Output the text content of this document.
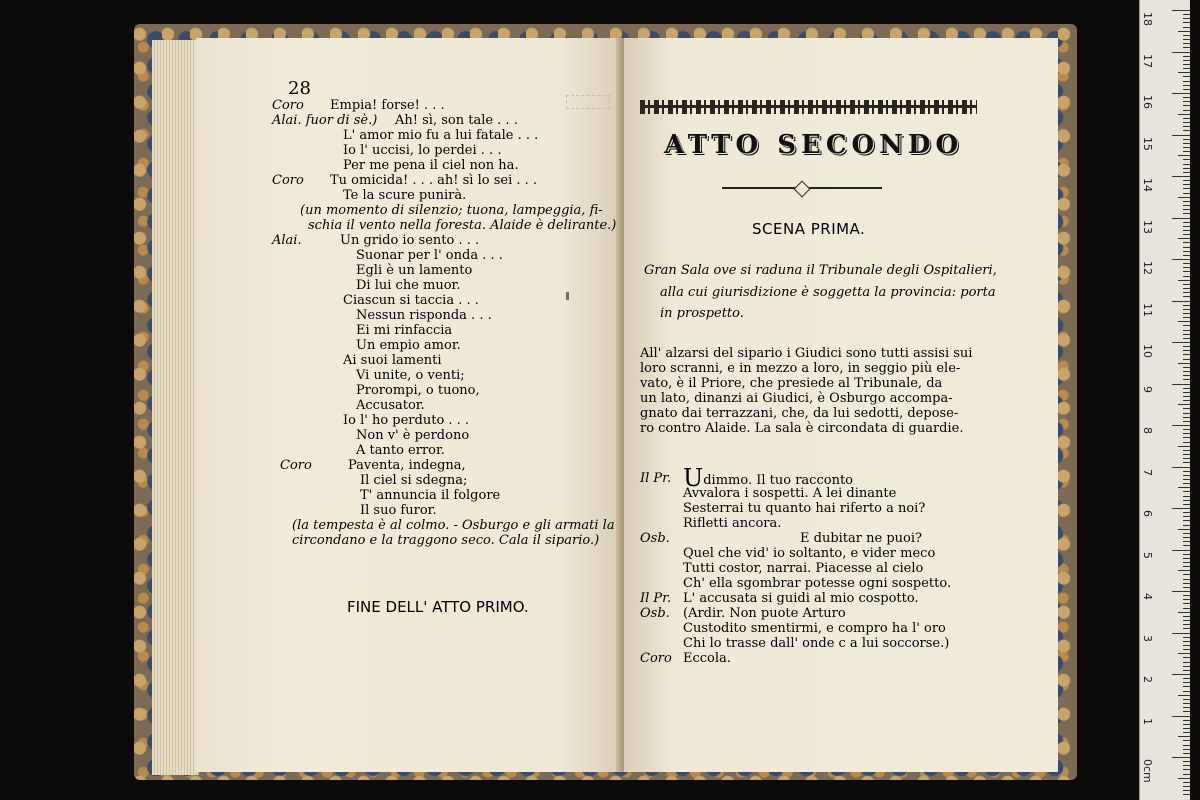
28
Coro Empia! forse! . . .
Alai. fuor di sè.) Ah! sì, son tale . . .
L' amor mio fu a lui fatale . . .
Io l' uccisi, lo perdei . . .
Per me pena il ciel non ha.
Coro Tu omicida! . . . ah! sì lo sei . . .
Te la scure punirà.
(un momento di silenzio; tuona, lampeggia, fi-
schia il vento nella foresta. Alaide è delirante.)
Alai.	Un grido io sento . . .
Suonar per l' onda . . .
Egli è un lamento
Di lui che muor.
Ciascun si taccia . . .
Nessun risponda . . .
Ei mi rinfaccia
Un empio amor.
Ai suoi lamenti
Vi unite, o venti;
Prorompi, o tuono,
Accusator.
Io l' ho perduto . . .
Non v' è perdono
A tanto error.
Coro	Paventa, indegna,
Il ciel si sdegna;
T' annuncia il folgore
Il suo furor.
(la tempesta è al colmo. - Osburgo e gli armati la
circondano e la traggono seco. Cala il sipario.)
FINE DELL' ATTO PRIMO.
ATTO SECONDO
SCENA PRIMA.
Gran Sala ove si raduna il Tribunale degli Ospitalieri,
alla cui giurisdizione è soggetta la provincia: porta
in prospetto.
All' alzarsi del sipario i Giudici sono tutti assisi sui
loro scranni, e in mezzo a loro, in seggio più ele-
vato, è il Priore, che presiede al Tribunale, da
un lato, dinanzi ai Giudici, è Osburgo accompa-
gnato dai terrazzani, che, da lui sedotti, depose-
ro contro Alaide. La sala è circondata di guardie.
Il Pr. Udimmo. Il tuo racconto
Avvalora i sospetti. A lei dinante
Sesterrai tu quanto hai riferto a noi?
Rifletti ancora.
Osb.	E dubitar ne puoi?
Quel che vid' io soltanto, e vider meco
Tutti costor, narrai. Piacesse al cielo
Ch' ella sgombrar potesse ogni sospetto.
Il Pr. L' accusata si guidi al mio cospotto.
Osb. (Ardir. Non puote Arturo
Custodito smentirmi, e compro ha l' oro
Chi lo trasse dall' onde c a lui soccorse.)
Coro Eccola.
18
17
16
15
14
13
12
11
10
9
8
7
6
5
4
3
2
1
0cm
